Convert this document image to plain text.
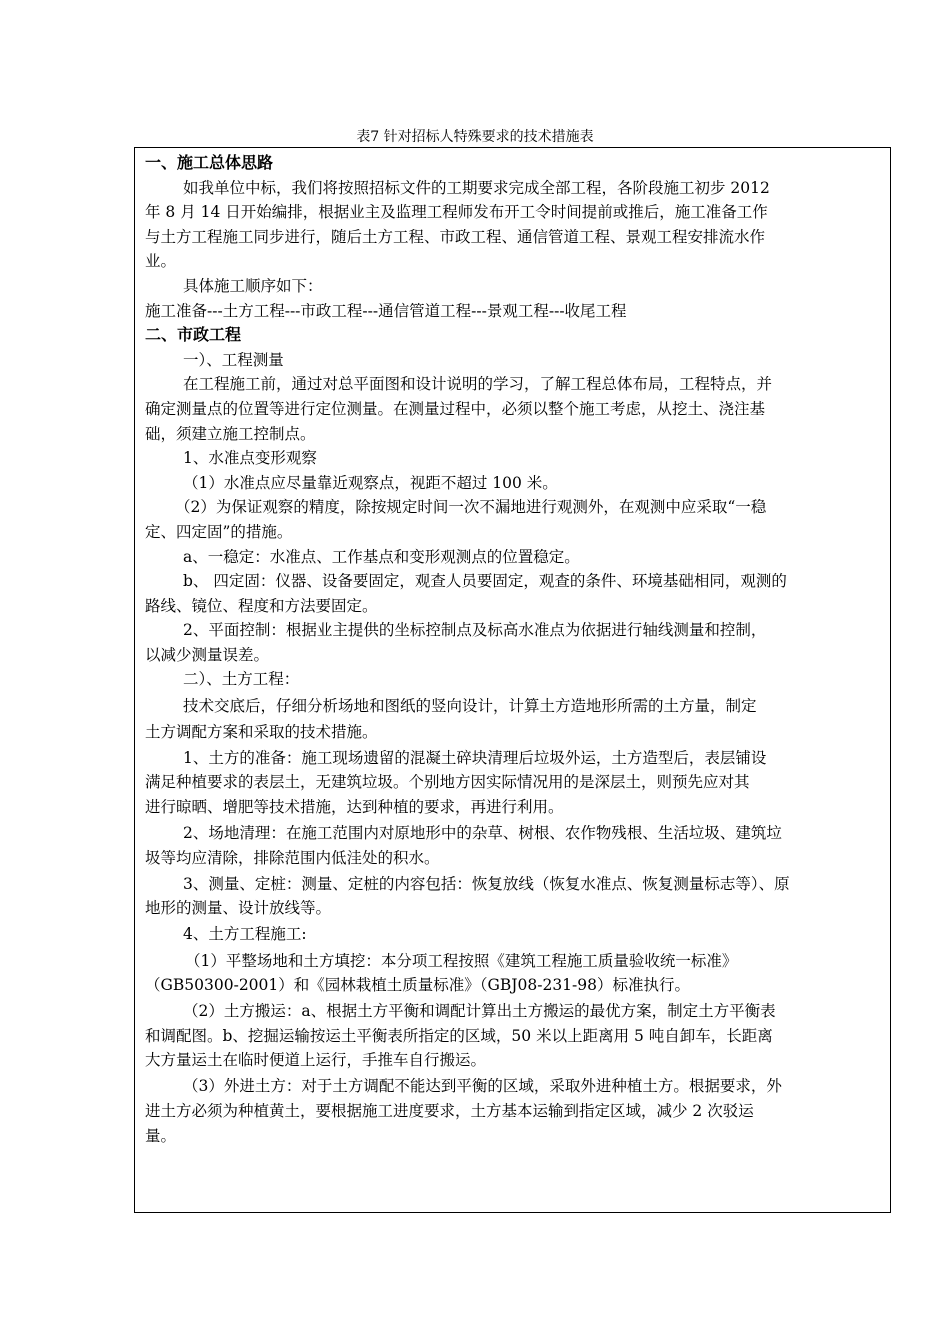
表7 针对招标人特殊要求的技术措施表
一、施工总体思路
如我单位中标，我们将按照招标文件的工期要求完成全部工程，各阶段施工初步 2012
年 8 月 14 日开始编排，根据业主及监理工程师发布开工令时间提前或推后，施工准备工作
与土方工程施工同步进行，随后土方工程、市政工程、通信管道工程、景观工程安排流水作
业。
具体施工顺序如下：
施工准备---土方工程---市政工程---通信管道工程---景观工程---收尾工程
二、市政工程
一）、工程测量
在工程施工前，通过对总平面图和设计说明的学习，了解工程总体布局，工程特点，并
确定测量点的位置等进行定位测量。在测量过程中，必须以整个施工考虑，从挖土、浇注基
础，须建立施工控制点。
1、水准点变形观察
（1）水准点应尽量靠近观察点，视距不超过 100 米。
（2）为保证观察的精度，除按规定时间一次不漏地进行观测外，在观测中应采取“一稳
定、四定固”的措施。
a、一稳定：水准点、工作基点和变形观测点的位置稳定。
b、 四定固：仪器、设备要固定，观查人员要固定，观查的条件、环境基础相同，观测的
路线、镜位、程度和方法要固定。
2、平面控制：根据业主提供的坐标控制点及标高水准点为依据进行轴线测量和控制，
以减少测量误差。
二）、土方工程：
技术交底后，仔细分析场地和图纸的竖向设计，计算土方造地形所需的土方量，制定
土方调配方案和采取的技术措施。
1、土方的准备：施工现场遗留的混凝土碎块清理后垃圾外运，土方造型后，表层铺设
满足种植要求的表层土，无建筑垃圾。个别地方因实际情况用的是深层土，则预先应对其
进行晾晒、增肥等技术措施，达到种植的要求，再进行利用。
2、场地清理：在施工范围内对原地形中的杂草、树根、农作物残根、生活垃圾、建筑垃
圾等均应清除，排除范围内低洼处的积水。
3、测量、定桩：测量、定桩的内容包括：恢复放线（恢复水准点、恢复测量标志等）、原
地形的测量、设计放线等。
4、土方工程施工:
（1）平整场地和土方填挖：本分项工程按照《建筑工程施工质量验收统一标准》
（GB50300-2001）和《园林栽植土质量标准》（GBJ08-231-98）标准执行。
（2）土方搬运：a、根据土方平衡和调配计算出土方搬运的最优方案，制定土方平衡表
和调配图。b、挖掘运输按运土平衡表所指定的区域，50 米以上距离用 5 吨自卸车，长距离
大方量运土在临时便道上运行，手推车自行搬运。
（3）外进土方：对于土方调配不能达到平衡的区域，采取外进种植土方。根据要求，外
进土方必须为种植黄土，要根据施工进度要求，土方基本运输到指定区域，减少 2 次驳运
量。
